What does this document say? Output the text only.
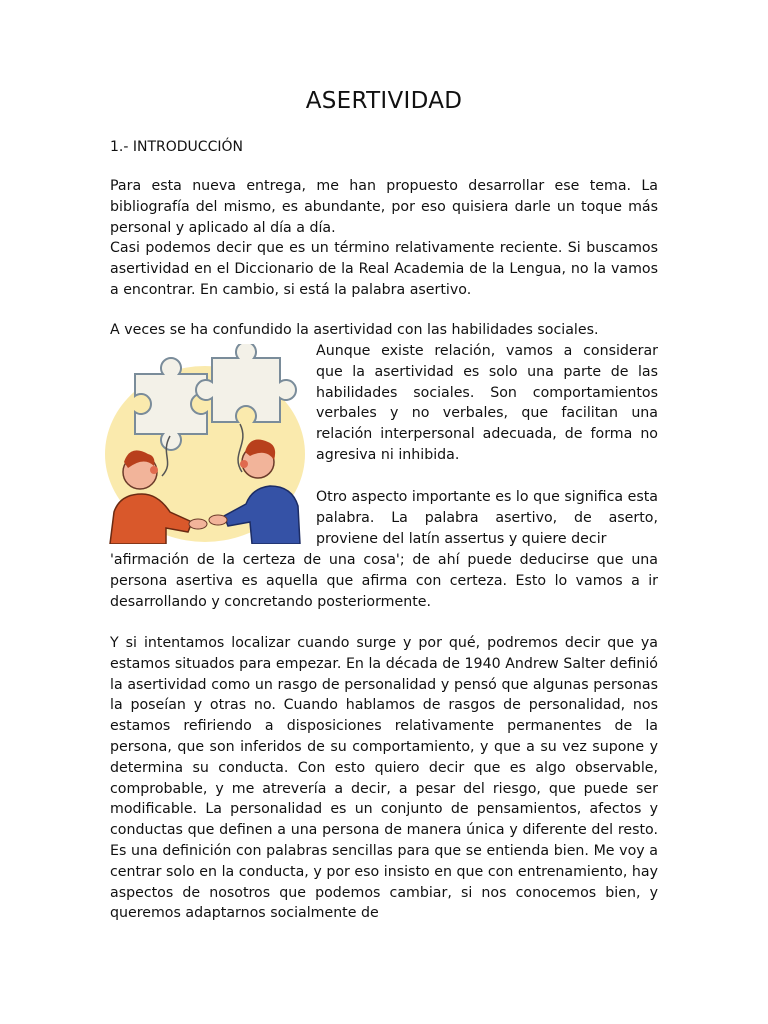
ASERTIVIDAD

1.- INTRODUCCIÓN

Para esta nueva entrega, me han propuesto desarrollar ese tema. La bibliografía del mismo, es abundante, por eso quisiera darle un toque más personal y aplicado al día a día.

Casi podemos decir que es un término relativamente reciente. Si buscamos asertividad en el Diccionario de la Real Academia de la Lengua, no la vamos a encontrar. En cambio, si está la palabra asertivo.

A veces se ha confundido la asertividad con las habilidades sociales.

Aunque existe relación, vamos a considerar que la asertividad es solo una parte de las habilidades sociales. Son comportamientos verbales y no verbales, que facilitan una relación interpersonal adecuada, de forma no agresiva ni inhibida.

Otro aspecto importante es lo que significa esta palabra. La palabra asertivo, de aserto, proviene del latín assertus y quiere decir

'afirmación de la certeza de una cosa'; de ahí puede deducirse que una persona asertiva es aquella que afirma con certeza. Esto lo vamos a ir desarrollando y concretando posteriormente.

Y si intentamos localizar cuando surge y por qué, podremos decir que ya estamos situados para empezar. En la década de 1940 Andrew Salter definió la asertividad como un rasgo de personalidad y pensó que algunas personas la poseían y otras no. Cuando hablamos de rasgos de personalidad, nos estamos refiriendo a disposiciones relativamente permanentes de la persona, que son inferidos de su comportamiento, y que a su vez supone y determina su conducta. Con esto quiero decir que es algo observable, comprobable, y me atrevería a decir, a pesar del riesgo, que puede ser modificable. La personalidad es un conjunto de pensamientos, afectos y conductas que definen a una persona de manera única y diferente del resto. Es una definición con palabras sencillas para que se entienda bien. Me voy a centrar solo en la conducta, y por eso insisto en que con entrenamiento, hay aspectos de nosotros que podemos cambiar, si nos conocemos bien, y queremos adaptarnos socialmente de
